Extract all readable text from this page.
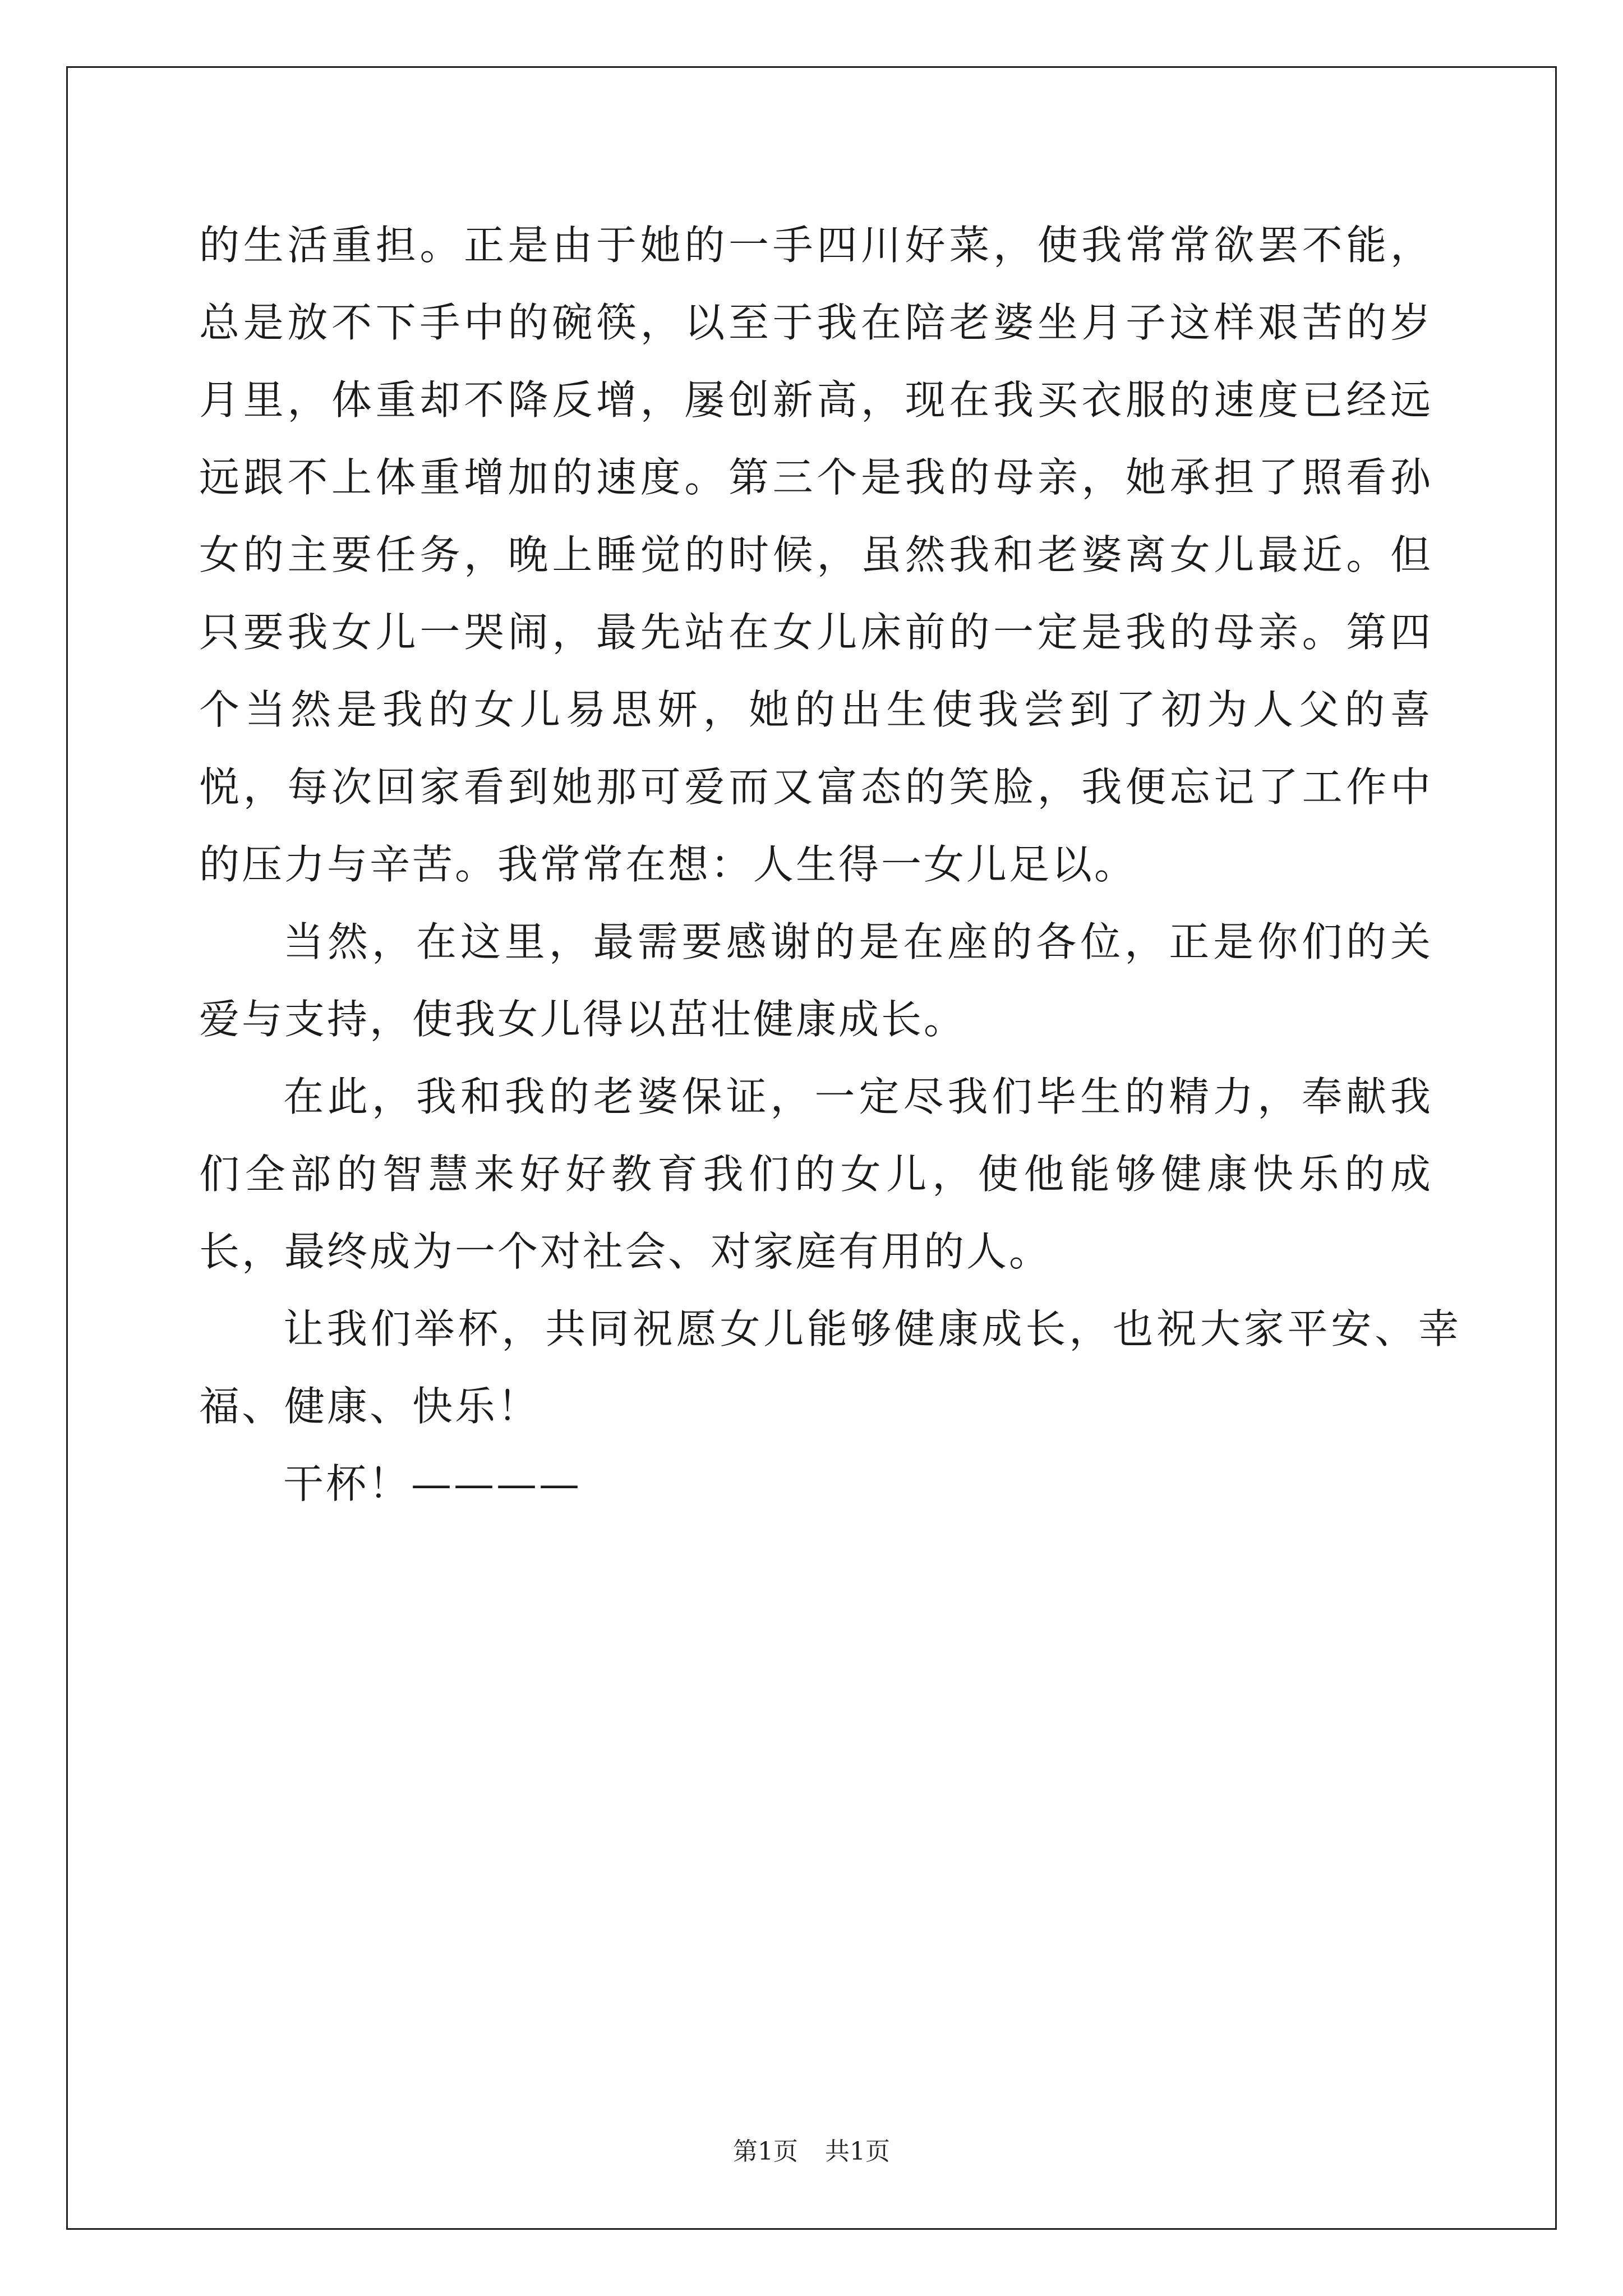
的生活重担。正是由于她的一手四川好菜，使我常常欲罢不能，总是放不下手中的碗筷，以至于我在陪老婆坐月子这样艰苦的岁月里，体重却不降反增，屡创新高，现在我买衣服的速度已经远远跟不上体重增加的速度。第三个是我的母亲，她承担了照看孙女的主要任务，晚上睡觉的时候，虽然我和老婆离女儿最近。但只要我女儿一哭闹，最先站在女儿床前的一定是我的母亲。第四个当然是我的女儿易思妍，她的出生使我尝到了初为人父的喜悦，每次回家看到她那可爱而又富态的笑脸，我便忘记了工作中的压力与辛苦。我常常在想：人生得一女儿足以。

当然，在这里，最需要感谢的是在座的各位，正是你们的关爱与支持，使我女儿得以茁壮健康成长。

在此，我和我的老婆保证，一定尽我们毕生的精力，奉献我们全部的智慧来好好教育我们的女儿，使他能够健康快乐的成长，最终成为一个对社会、对家庭有用的人。

让我们举杯，共同祝愿女儿能够健康成长，也祝大家平安、幸福、健康、快乐！

干杯！————

第1页 共1页
